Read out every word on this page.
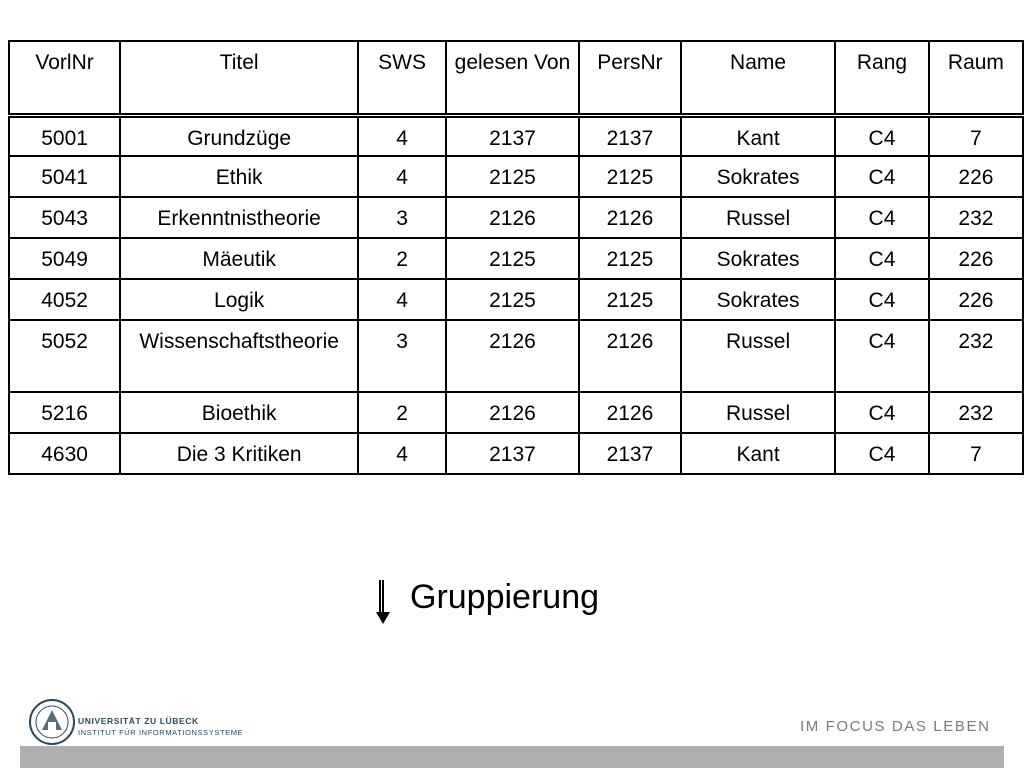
VorlNr	Titel	SWS	gelesen Von	PersNr	Name	Rang	Raum
5001	Grundzüge	4	2137	2137	Kant	C4	7
5041	Ethik	4	2125	2125	Sokrates	C4	226
5043	Erkenntnistheorie	3	2126	2126	Russel	C4	232
5049	Mäeutik	2	2125	2125	Sokrates	C4	226
4052	Logik	4	2125	2125	Sokrates	C4	226
5052	Wissenschaftstheorie	3	2126	2126	Russel	C4	232
5216	Bioethik	2	2126	2126	Russel	C4	232
4630	Die 3 Kritiken	4	2137	2137	Kant	C4	7
Gruppierung
UNIVERSITÄT ZU LÜBECK
INSTITUT FÜR INFORMATIONSSYSTEME	IM FOCUS DAS LEBEN
